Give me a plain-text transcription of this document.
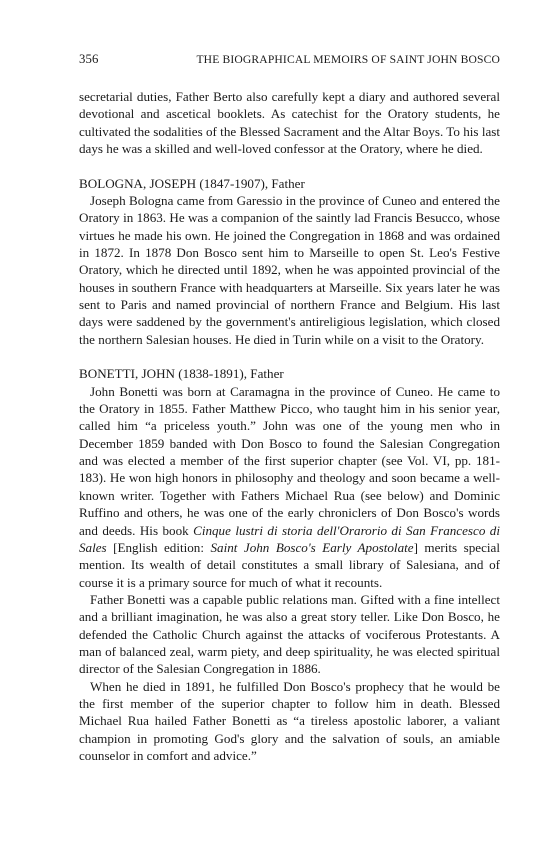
356	THE BIOGRAPHICAL MEMOIRS OF SAINT JOHN BOSCO

secretarial duties, Father Berto also carefully kept a diary and authored several devotional and ascetical booklets. As catechist for the Oratory students, he cultivated the sodalities of the Blessed Sacrament and the Altar Boys. To his last days he was a skilled and well-loved confessor at the Oratory, where he died.

BOLOGNA, JOSEPH (1847-1907), Father

Joseph Bologna came from Garessio in the province of Cuneo and entered the Oratory in 1863. He was a companion of the saintly lad Francis Besucco, whose virtues he made his own. He joined the Congregation in 1868 and was ordained in 1872. In 1878 Don Bosco sent him to Marseille to open St. Leo's Festive Oratory, which he directed until 1892, when he was appointed provincial of the houses in southern France with headquarters at Marseille. Six years later he was sent to Paris and named provincial of northern France and Belgium. His last days were saddened by the government's antireligious legislation, which closed the northern Salesian houses. He died in Turin while on a visit to the Oratory.

BONETTI, JOHN (1838-1891), Father

John Bonetti was born at Caramagna in the province of Cuneo. He came to the Oratory in 1855. Father Matthew Picco, who taught him in his senior year, called him “a priceless youth.” John was one of the young men who in December 1859 banded with Don Bosco to found the Salesian Congregation and was elected a member of the first superior chapter (see Vol. VI, pp. 181-183). He won high honors in philosophy and theology and soon became a well-known writer. Together with Fathers Michael Rua (see below) and Dominic Ruffino and others, he was one of the early chroniclers of Don Bosco's words and deeds. His book Cinque lustri di storia dell'Orarorio di San Francesco di Sales [English edition: Saint John Bosco's Early Apostolate] merits special mention. Its wealth of detail constitutes a small library of Salesiana, and of course it is a primary source for much of what it recounts.

Father Bonetti was a capable public relations man. Gifted with a fine intellect and a brilliant imagination, he was also a great story teller. Like Don Bosco, he defended the Catholic Church against the attacks of vociferous Protestants. A man of balanced zeal, warm piety, and deep spirituality, he was elected spiritual director of the Salesian Congregation in 1886.

When he died in 1891, he fulfilled Don Bosco's prophecy that he would be the first member of the superior chapter to follow him in death. Blessed Michael Rua hailed Father Bonetti as “a tireless apostolic laborer, a valiant champion in promoting God's glory and the salvation of souls, an amiable counselor in comfort and advice.”
